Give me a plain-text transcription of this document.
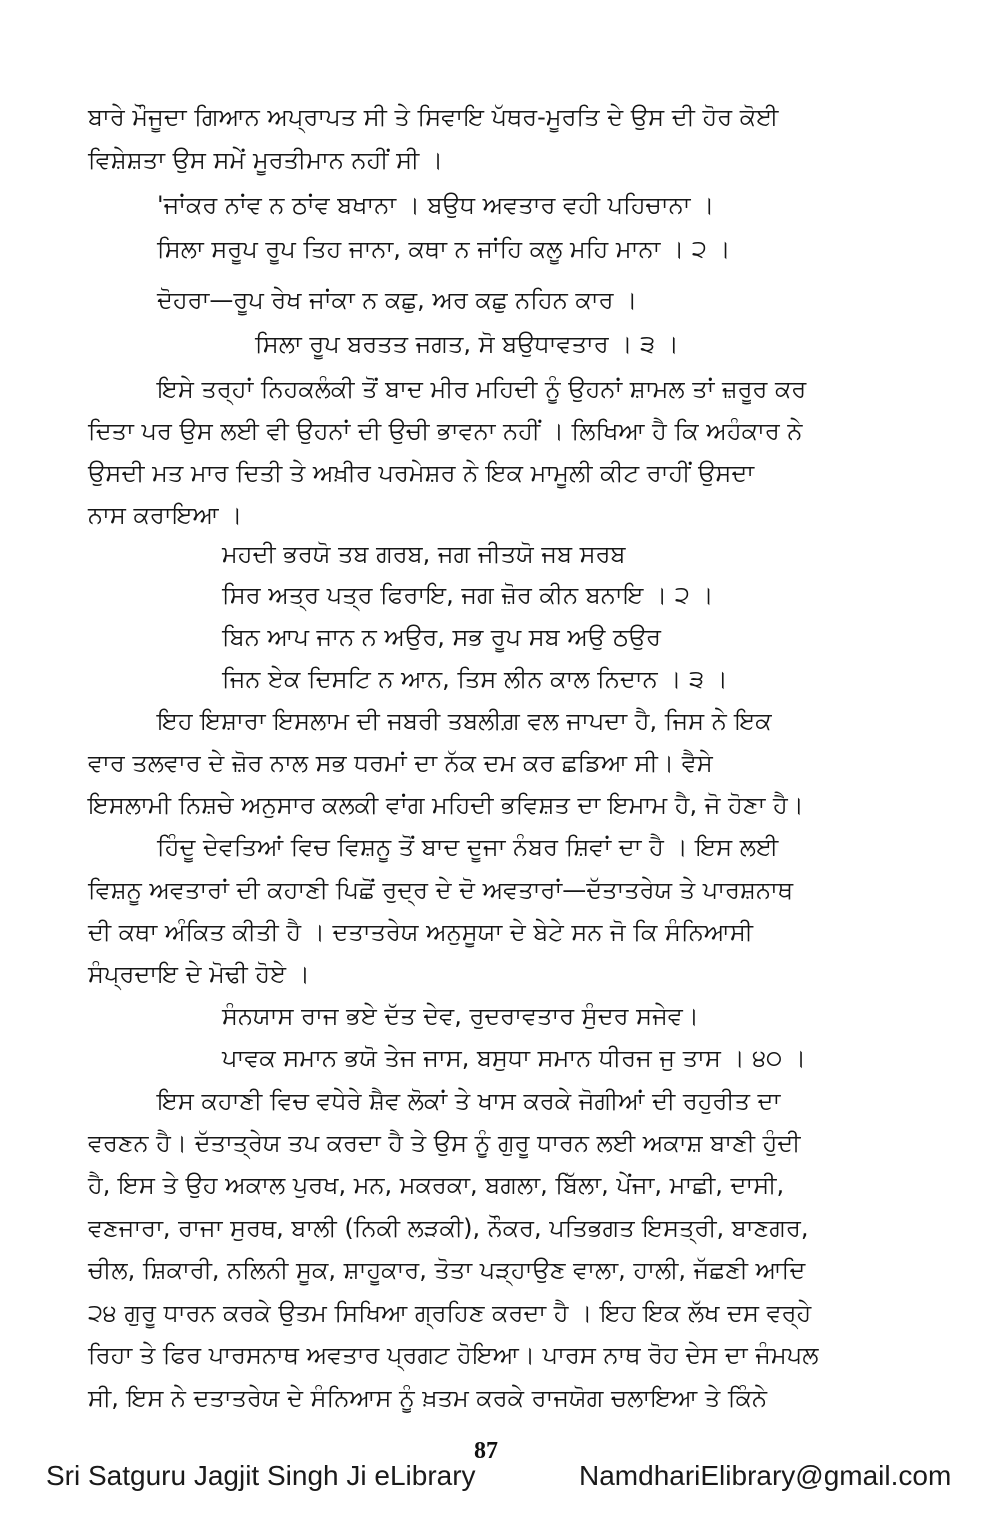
ਬਾਰੇ ਮੌਜੂਦਾ ਗਿਆਨ ਅਪ੍ਰਾਪਤ ਸੀ ਤੇ ਸਿਵਾਇ ਪੱਥਰ-ਮੂਰਤਿ ਦੇ ਉਸ ਦੀ ਹੋਰ ਕੋਈ
ਵਿਸ਼ੇਸ਼ਤਾ ਉਸ ਸਮੇਂ ਮੂਰਤੀਮਾਨ ਨਹੀਂ ਸੀ ।
'ਜਾਂਕਰ ਨਾਂਵ ਨ ਠਾਂਵ ਬਖਾਨਾ । ਬਉਧ ਅਵਤਾਰ ਵਹੀ ਪਹਿਚਾਨਾ ।
ਸਿਲਾ ਸਰੂਪ ਰੂਪ ਤਿਹ ਜਾਨਾ, ਕਥਾ ਨ ਜਾਂਹਿ ਕਲੂ ਮਹਿ ਮਾਨਾ । ੨ ।
ਦੋਹਰਾ—ਰੂਪ ਰੇਖ ਜਾਂਕਾ ਨ ਕਛੁ, ਅਰ ਕਛੁ ਨਹਿਨ ਕਾਰ ।
ਸਿਲਾ ਰੂਪ ਬਰਤਤ ਜਗਤ, ਸੋ ਬਉਧਾਵਤਾਰ । ੩ ।
ਇਸੇ ਤਰ੍ਹਾਂ ਨਿਹਕਲੰਕੀ ਤੋਂ ਬਾਦ ਮੀਰ ਮਹਿਦੀ ਨੂੰ ਉਹਨਾਂ ਸ਼ਾਮਲ ਤਾਂ ਜ਼ਰੂਰ ਕਰ
ਦਿਤਾ ਪਰ ਉਸ ਲਈ ਵੀ ਉਹਨਾਂ ਦੀ ਉਚੀ ਭਾਵਨਾ ਨਹੀਂ । ਲਿਖਿਆ ਹੈ ਕਿ ਅਹੰਕਾਰ ਨੇ
ਉਸਦੀ ਮਤ ਮਾਰ ਦਿਤੀ ਤੇ ਅਖ਼ੀਰ ਪਰਮੇਸ਼ਰ ਨੇ ਇਕ ਮਾਮੂਲੀ ਕੀਟ ਰਾਹੀਂ ਉਸਦਾ
ਨਾਸ ਕਰਾਇਆ ।
ਮਹਦੀ ਭਰਯੋ ਤਬ ਗਰਬ, ਜਗ ਜੀਤਯੋ ਜਬ ਸਰਬ
ਸਿਰ ਅਤ੍ਰ ਪਤ੍ਰ ਫਿਰਾਇ, ਜਗ ਜ਼ੋਰ ਕੀਨ ਬਨਾਇ । ੨ ।
ਬਿਨ ਆਪ ਜਾਨ ਨ ਅਉਰ, ਸਭ ਰੂਪ ਸਬ ਅਉ ਠਉਰ
ਜਿਨ ਏਕ ਦਿਸਟਿ ਨ ਆਨ, ਤਿਸ ਲੀਨ ਕਾਲ ਨਿਦਾਨ । ੩ ।
ਇਹ ਇਸ਼ਾਰਾ ਇਸਲਾਮ ਦੀ ਜਬਰੀ ਤਬਲੀਗ਼ ਵਲ ਜਾਪਦਾ ਹੈ, ਜਿਸ ਨੇ ਇਕ
ਵਾਰ ਤਲਵਾਰ ਦੇ ਜ਼ੋਰ ਨਾਲ ਸਭ ਧਰਮਾਂ ਦਾ ਨੱਕ ਦਮ ਕਰ ਛਡਿਆ ਸੀ। ਵੈਸੇ
ਇਸਲਾਮੀ ਨਿਸ਼ਚੇ ਅਨੁਸਾਰ ਕਲਕੀ ਵਾਂਗ ਮਹਿਦੀ ਭਵਿਸ਼ਤ ਦਾ ਇਮਾਮ ਹੈ, ਜੋ ਹੋਣਾ ਹੈ।
ਹਿੰਦੂ ਦੇਵਤਿਆਂ ਵਿਚ ਵਿਸ਼ਨੂ ਤੋਂ ਬਾਦ ਦੂਜਾ ਨੰਬਰ ਸ਼ਿਵਾਂ ਦਾ ਹੈ । ਇਸ ਲਈ
ਵਿਸ਼ਨੂ ਅਵਤਾਰਾਂ ਦੀ ਕਹਾਣੀ ਪਿਛੋਂ ਰੁਦ੍ਰ ਦੇ ਦੋ ਅਵਤਾਰਾਂ—ਦੱਤਾਤਰੇਯ ਤੇ ਪਾਰਸ਼ਨਾਥ
ਦੀ ਕਥਾ ਅੰਕਿਤ ਕੀਤੀ ਹੈ । ਦਤਾਤਰੇਯ ਅਨੁਸੂਯਾ ਦੇ ਬੇਟੇ ਸਨ ਜੋ ਕਿ ਸੰਨਿਆਸੀ
ਸੰਪ੍ਰਦਾਇ ਦੇ ਮੋਢੀ ਹੋਏ ।
ਸੰਨਯਾਸ ਰਾਜ ਭਏ ਦੱਤ ਦੇਵ, ਰੁਦਰਾਵਤਾਰ ਸੁੰਦਰ ਸਜੇਵ।
ਪਾਵਕ ਸਮਾਨ ਭਯੋ ਤੇਜ ਜਾਸ, ਬਸੁਧਾ ਸਮਾਨ ਧੀਰਜ ਜੁ ਤਾਸ । ੪੦ ।
ਇਸ ਕਹਾਣੀ ਵਿਚ ਵਧੇਰੇ ਸ਼ੈਵ ਲੋਕਾਂ ਤੇ ਖਾਸ ਕਰਕੇ ਜੋਗੀਆਂ ਦੀ ਰਹੁਰੀਤ ਦਾ
ਵਰਣਨ ਹੈ। ਦੱਤਾਤ੍ਰੇਯ ਤਪ ਕਰਦਾ ਹੈ ਤੇ ਉਸ ਨੂੰ ਗੁਰੂ ਧਾਰਨ ਲਈ ਅਕਾਸ਼ ਬਾਣੀ ਹੁੰਦੀ
ਹੈ, ਇਸ ਤੇ ਉਹ ਅਕਾਲ ਪੁਰਖ, ਮਨ, ਮਕਰਕਾ, ਬਗਲਾ, ਬਿੱਲਾ, ਪੇਂਜਾ, ਮਾਛੀ, ਦਾਸੀ,
ਵਣਜਾਰਾ, ਰਾਜਾ ਸੁਰਥ, ਬਾਲੀ (ਨਿਕੀ ਲੜਕੀ), ਨੌਕਰ, ਪਤਿਭਗਤ ਇਸਤ੍ਰੀ, ਬਾਣਗਰ,
ਚੀਲ, ਸ਼ਿਕਾਰੀ, ਨਲਿਨੀ ਸੂਕ, ਸ਼ਾਹੂਕਾਰ, ਤੋਤਾ ਪੜ੍ਹਾਉਣ ਵਾਲਾ, ਹਾਲੀ, ਜੱਛਣੀ ਆਦਿ
੨੪ ਗੁਰੂ ਧਾਰਨ ਕਰਕੇ ਉਤਮ ਸਿਖਿਆ ਗ੍ਰਹਿਣ ਕਰਦਾ ਹੈ । ਇਹ ਇਕ ਲੱਖ ਦਸ ਵਰ੍ਹੇ
ਰਿਹਾ ਤੇ ਫਿਰ ਪਾਰਸਨਾਥ ਅਵਤਾਰ ਪ੍ਰਗਟ ਹੋਇਆ। ਪਾਰਸ ਨਾਥ ਰੋਹ ਦੇਸ ਦਾ ਜੰਮਪਲ
ਸੀ, ਇਸ ਨੇ ਦਤਾਤਰੇਯ ਦੇ ਸੰਨਿਆਸ ਨੂੰ ਖ਼ਤਮ ਕਰਕੇ ਰਾਜਯੋਗ ਚਲਾਇਆ ਤੇ ਕਿੰਨੇ
87
Sri Satguru Jagjit Singh Ji eLibrary	NamdhariElibrary@gmail.com
